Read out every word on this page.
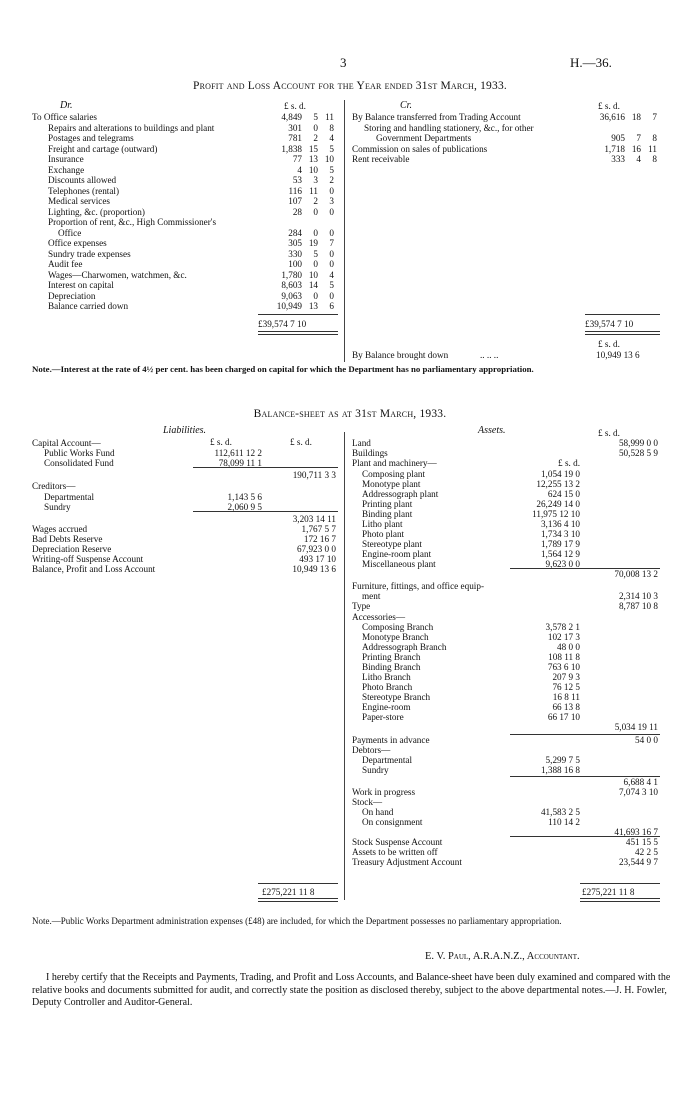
3	H.—36.
Profit and Loss Account for the Year ended 31st March, 1933.
Dr.	Cr.
£ s. d.	£ s. d.
To Office salaries	4,849	5 11
Repairs and alterations to buildings and plant	301	0	8
Postages and telegrams	781	2	4
Freight and cartage (outward)	1,838 15	5
Insurance	77 13 10
Exchange	4 10	5
Discounts allowed	53	3	2
Telephones (rental)	116 11	0
Medical services	107	2	3
Lighting, &c. (proportion)	28	0	0
Proportion of rent, &c., High Commissioner's
Office	284	0	0
Office expenses	305 19	7
Sundry trade expenses	330	5	0
Audit fee	100	0	0
Wages—Charwomen, watchmen, &c.	1,780 10	4
Interest on capital	8,603 14	5
Depreciation	9,063	0	0
Balance carried down	10,949 13	6
By Balance transferred from Trading Account	36,616 18	7
Storing and handling stationery, &c., for other
Government Departments	905	7	8
Commission on sales of publications	1,718 16 11
Rent receivable	333	4	8
£39,574 7 10	£39,574 7 10
£ s. d.
By Balance brought down	.. .. ..	10,949 13 6
Note.—Interest at the rate of 4½ per cent. has been charged on capital for which the Department has no parliamentary appropriation.
Balance-sheet as at 31st March, 1933.
Liabilities.	Assets.
£ s. d.	£ s. d.
£ s. d.
Capital Account—
Public Works Fund	112,611 12 2
Consolidated Fund	78,099 11 1
190,711 3 3
Creditors—
Departmental	1,143 5 6
Sundry	2,060 9 5
3,203 14 11
Wages accrued	1,767 5 7
Bad Debts Reserve	172 16 7
Depreciation Reserve	67,923 0 0
Writing-off Suspense Account	493 17 10
Balance, Profit and Loss Account	10,949 13 6
Land	58,999 0 0
Buildings	50,528 5 9
Plant and machinery—	£ s. d.
Composing plant	1,054 19 0
Monotype plant	12,255 13 2
Addressograph plant	624 15 0
Printing plant	26,249 14 0
Binding plant	11,975 12 10
Litho plant	3,136 4 10
Photo plant	1,734 3 10
Stereotype plant	1,789 17 9
Engine-room plant	1,564 12 9
Miscellaneous plant	9,623 0 0
70,008 13 2
Furniture, fittings, and office equip-
ment	2,314 10 3
Type	8,787 10 8
Accessories—
Composing Branch	3,578 2 1
Monotype Branch	102 17 3
Addressograph Branch	48 0 0
Printing Branch	108 11 8
Binding Branch	763 6 10
Litho Branch	207 9 3
Photo Branch	76 12 5
Stereotype Branch	16 8 11
Engine-room	66 13 8
Paper-store	66 17 10
5,034 19 11
Payments in advance	54 0 0
Debtors—
Departmental	5,299 7 5
Sundry	1,388 16 8
6,688 4 1
Work in progress	7,074 3 10
Stock—
On hand	41,583 2 5
On consignment	110 14 2
41,693 16 7
Stock Suspense Account	451 15 5
Assets to be written off	42 2 5
Treasury Adjustment Account	23,544 9 7
£275,221 11 8	£275,221 11 8
Note.—Public Works Department administration expenses (£48) are included, for which the Department possesses no parliamentary appropriation.
E. V. Paul, A.R.A.N.Z., Accountant.
I hereby certify that the Receipts and Payments, Trading, and Profit and Loss Accounts, and Balance-sheet have been duly examined and compared with the relative books and documents submitted for audit, and correctly state the position as disclosed thereby, subject to the above departmental notes.—J. H. Fowler, Deputy Controller and Auditor-General.
